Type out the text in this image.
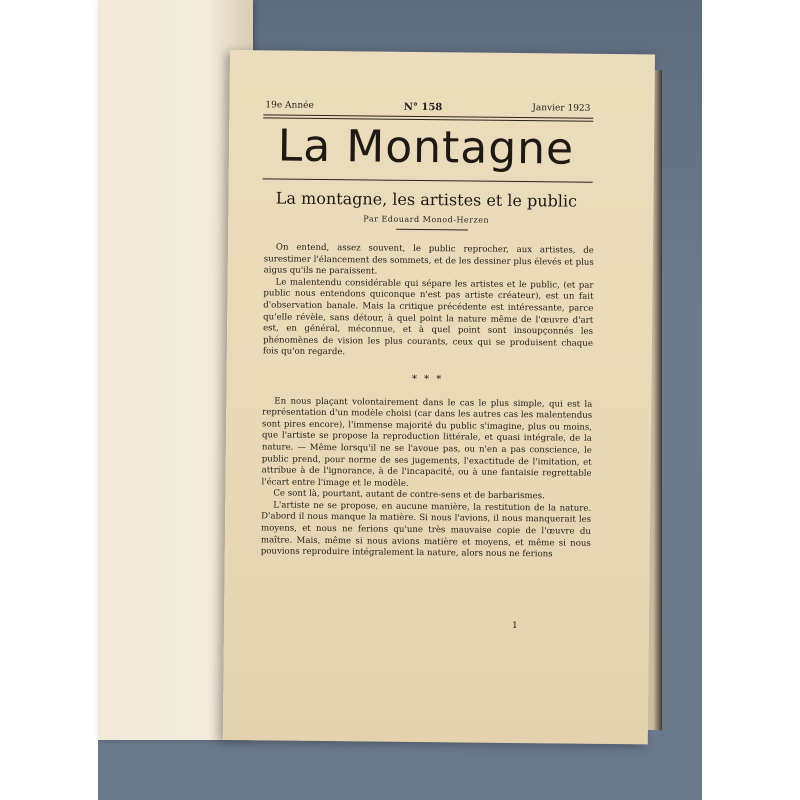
19e Année	N° 158	Janvier 1923
La Montagne
La montagne, les artistes et le public
Par Edouard Monod-Herzen

On entend, assez souvent, le public reprocher, aux artistes, de surestimer l'élancement des sommets, et de les dessiner plus élevés et plus aigus qu'ils ne paraissent.

Le malentendu considérable qui sépare les artistes et le public, (et par public nous entendons quiconque n'est pas artiste créateur), est un fait d'observation banale. Mais la critique précédente est intéressante, parce qu'elle révèle, sans détour, à quel point la nature même de l'œuvre d'art est, en général, méconnue, et à quel point sont insoupçonnés les phénomènes de vision les plus courants, ceux qui se produisent chaque fois qu'on regarde.

* * *

En nous plaçant volontairement dans le cas le plus simple, qui est la représentation d'un modèle choisi (car dans les autres cas les malentendus sont pires encore), l'immense majorité du public s'imagine, plus ou moins, que l'artiste se propose la reproduction littérale, et quasi intégrale, de la nature. — Même lorsqu'il ne se l'avoue pas, ou n'en a pas conscience, le public prend, pour norme de ses jugements, l'exactitude de l'imitation, et attribue à de l'ignorance, à de l'incapacité, ou à une fantaisie regrettable l'écart entre l'image et le modèle.

Ce sont là, pourtant, autant de contre-sens et de barbarismes.

L'artiste ne se propose, en aucune manière, la restitution de la nature. D'abord il nous manque la matière. Si nous l'avions, il nous manquerait les moyens, et nous ne ferions qu'une très mauvaise copie de l'œuvre du maître. Mais, même si nous avions matière et moyens, et même si nous pouvions reproduire intégralement la nature, alors nous ne ferions

1
